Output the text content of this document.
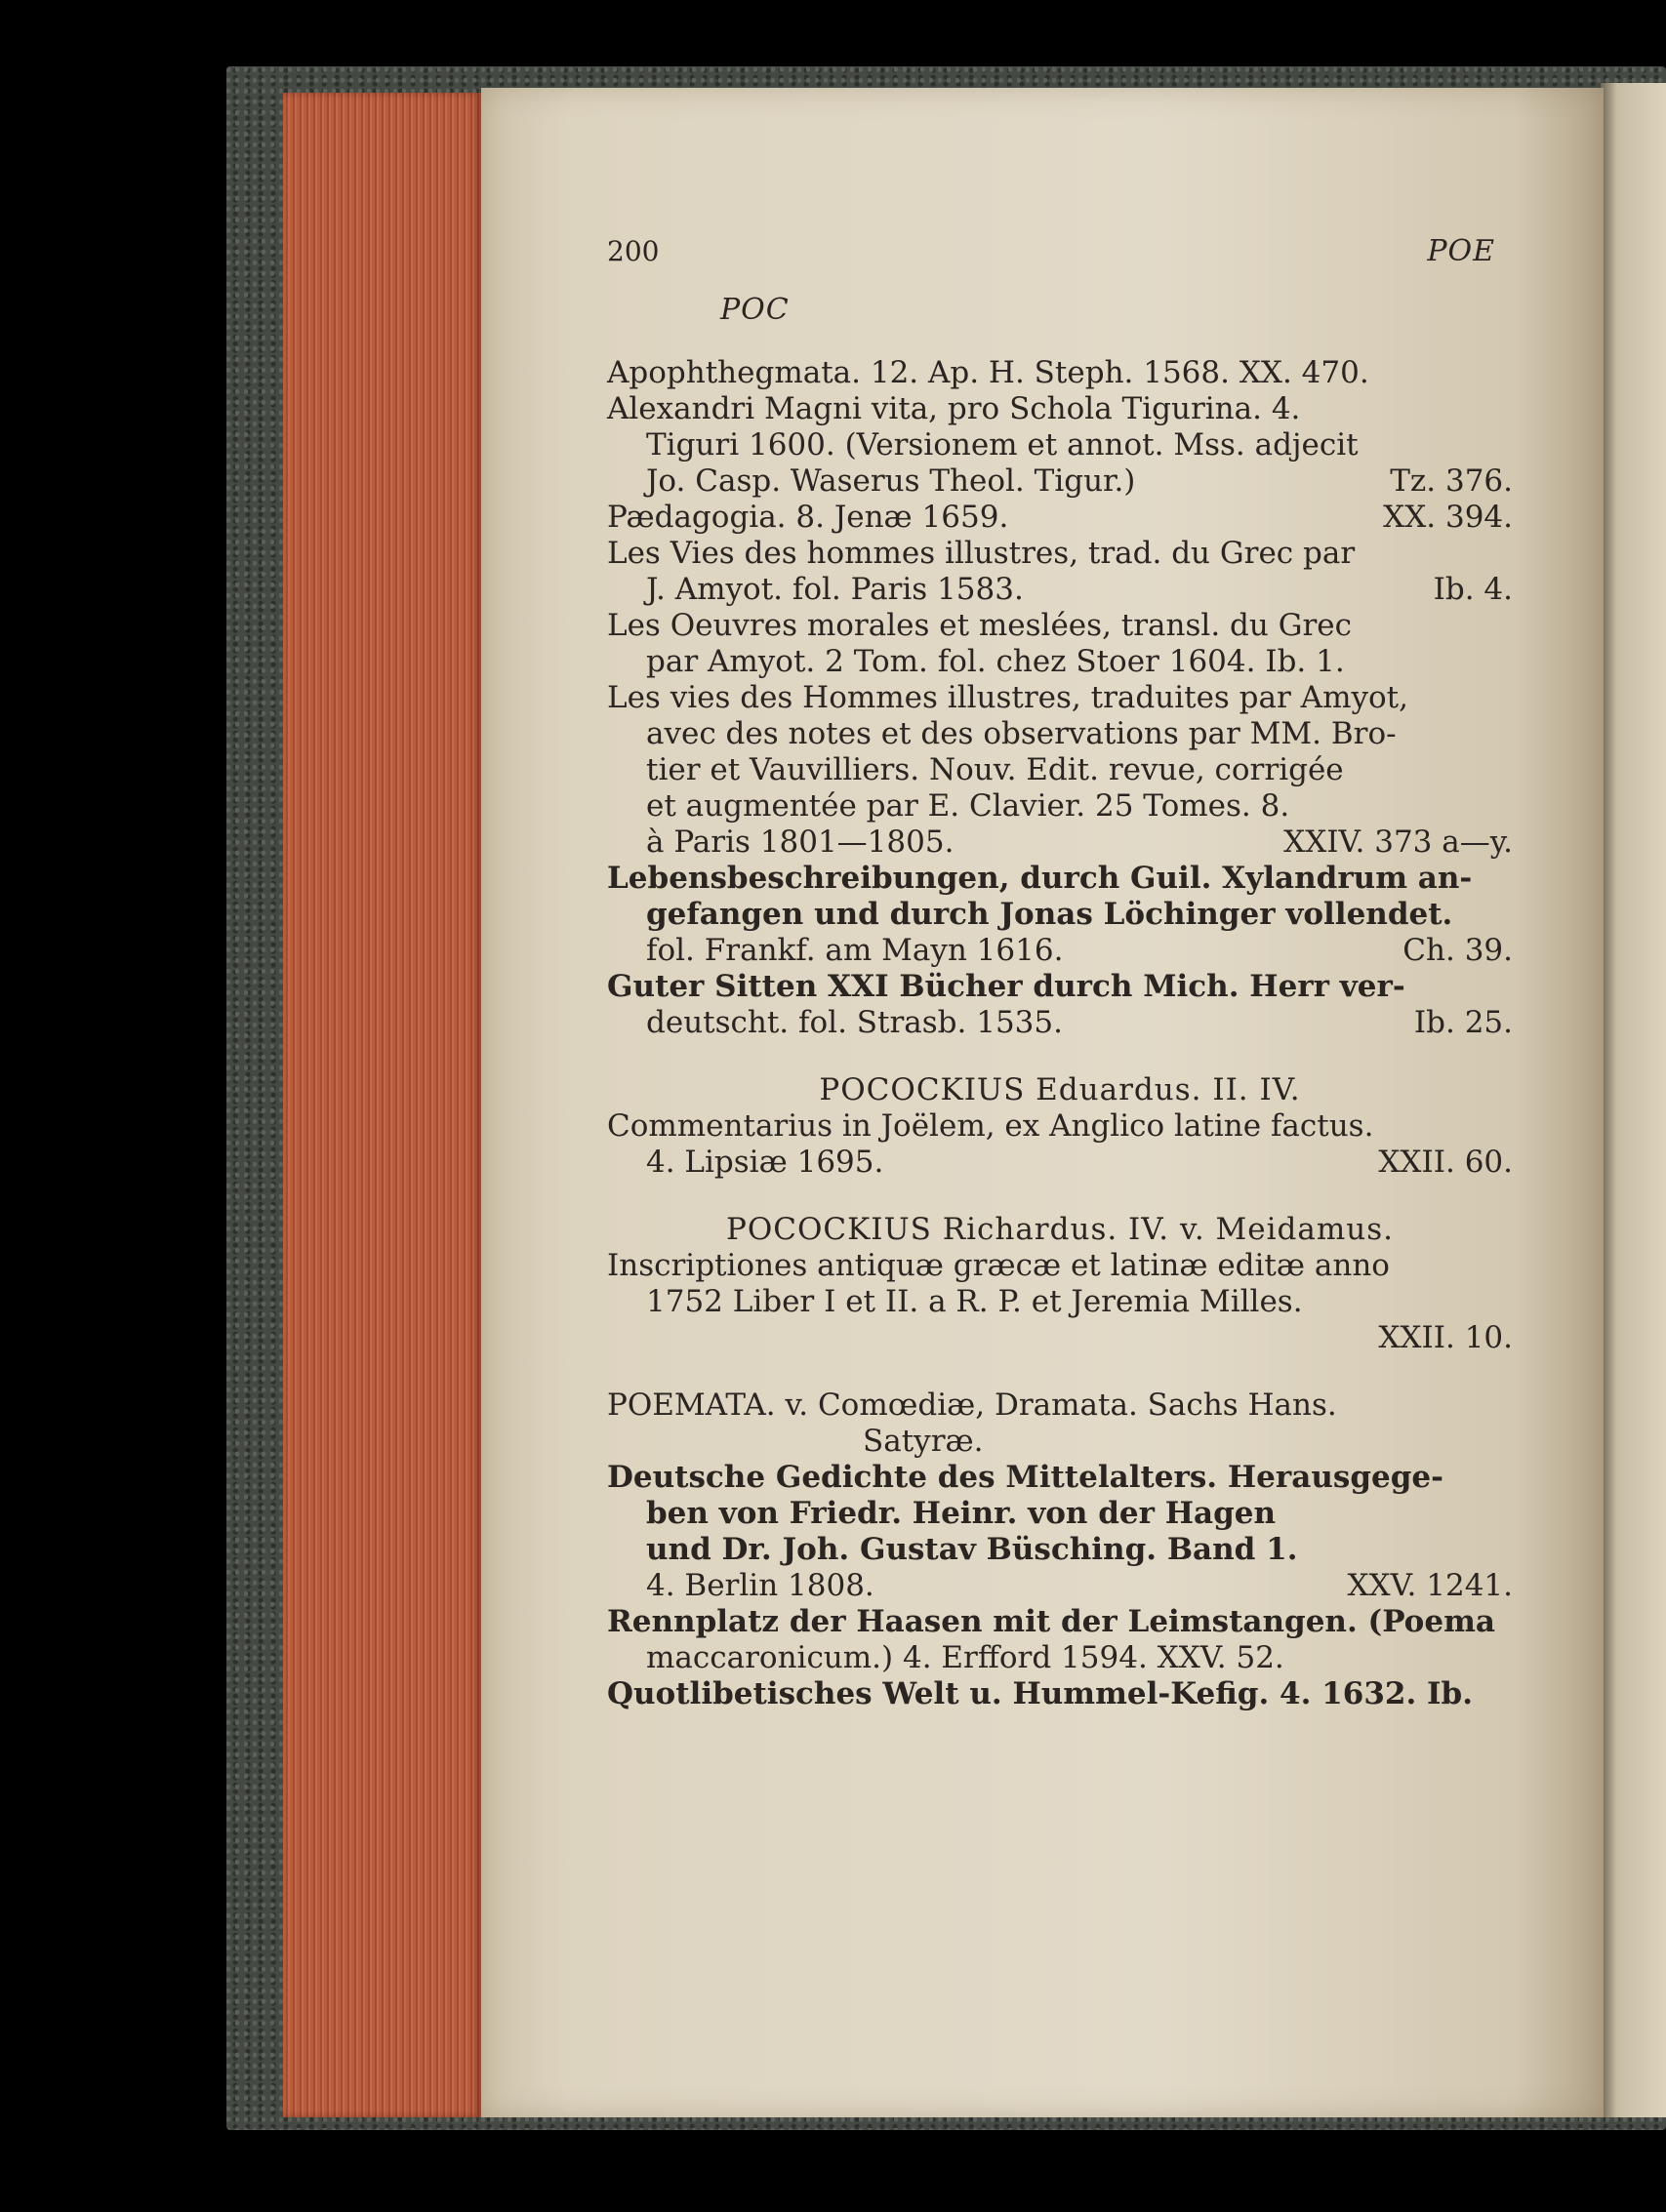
200
POC
POE
Apophthegmata. 12. Ap. H. Steph. 1568. XX. 470.
Alexandri Magni vita, pro Schola Tigurina. 4.
Tiguri 1600. (Versionem et annot. Mss. adjecit
Jo. Casp. Waserus Theol. Tigur.)	Tz. 376.
Pædagogia. 8. Jenæ 1659.	XX. 394.
Les Vies des hommes illustres, trad. du Grec par
J. Amyot. fol. Paris 1583.	Ib. 4.
Les Oeuvres morales et meslées, transl. du Grec
par Amyot. 2 Tom. fol. chez Stoer 1604. Ib. 1.
Les vies des Hommes illustres, traduites par Amyot,
avec des notes et des observations par MM. Bro-
tier et Vauvilliers. Nouv. Edit. revue, corrigée
et augmentée par E. Clavier. 25 Tomes. 8.
à Paris 1801—1805.	XXIV. 373 a—y.
Lebensbeschreibungen, durch Guil. Xylandrum an-
gefangen und durch Jonas Löchinger vollendet.
fol. Frankf. am Mayn 1616.	Ch. 39.
Guter Sitten XXI Bücher durch Mich. Herr ver-
deutscht. fol. Strasb. 1535.	Ib. 25.
POCOCKIUS Eduardus. II. IV.
Commentarius in Joëlem, ex Anglico latine factus.
4. Lipsiæ 1695.	XXII. 60.
POCOCKIUS Richardus. IV. v. Meidamus.
Inscriptiones antiquæ græcæ et latinæ editæ anno
1752 Liber I et II. a R. P. et Jeremia Milles.
XXII. 10.
POEMATA. v. Comœdiæ, Dramata. Sachs Hans.
Satyræ.
Deutsche Gedichte des Mittelalters. Herausgege-
ben von Friedr. Heinr. von der Hagen
und Dr. Joh. Gustav Büsching. Band 1.
4. Berlin 1808.	XXV. 1241.
Rennplatz der Haasen mit der Leimstangen. (Poema
maccaronicum.) 4. Erfford 1594. XXV. 52.
Quotlibetisches Welt u. Hummel-Kefig. 4. 1632. Ib.
